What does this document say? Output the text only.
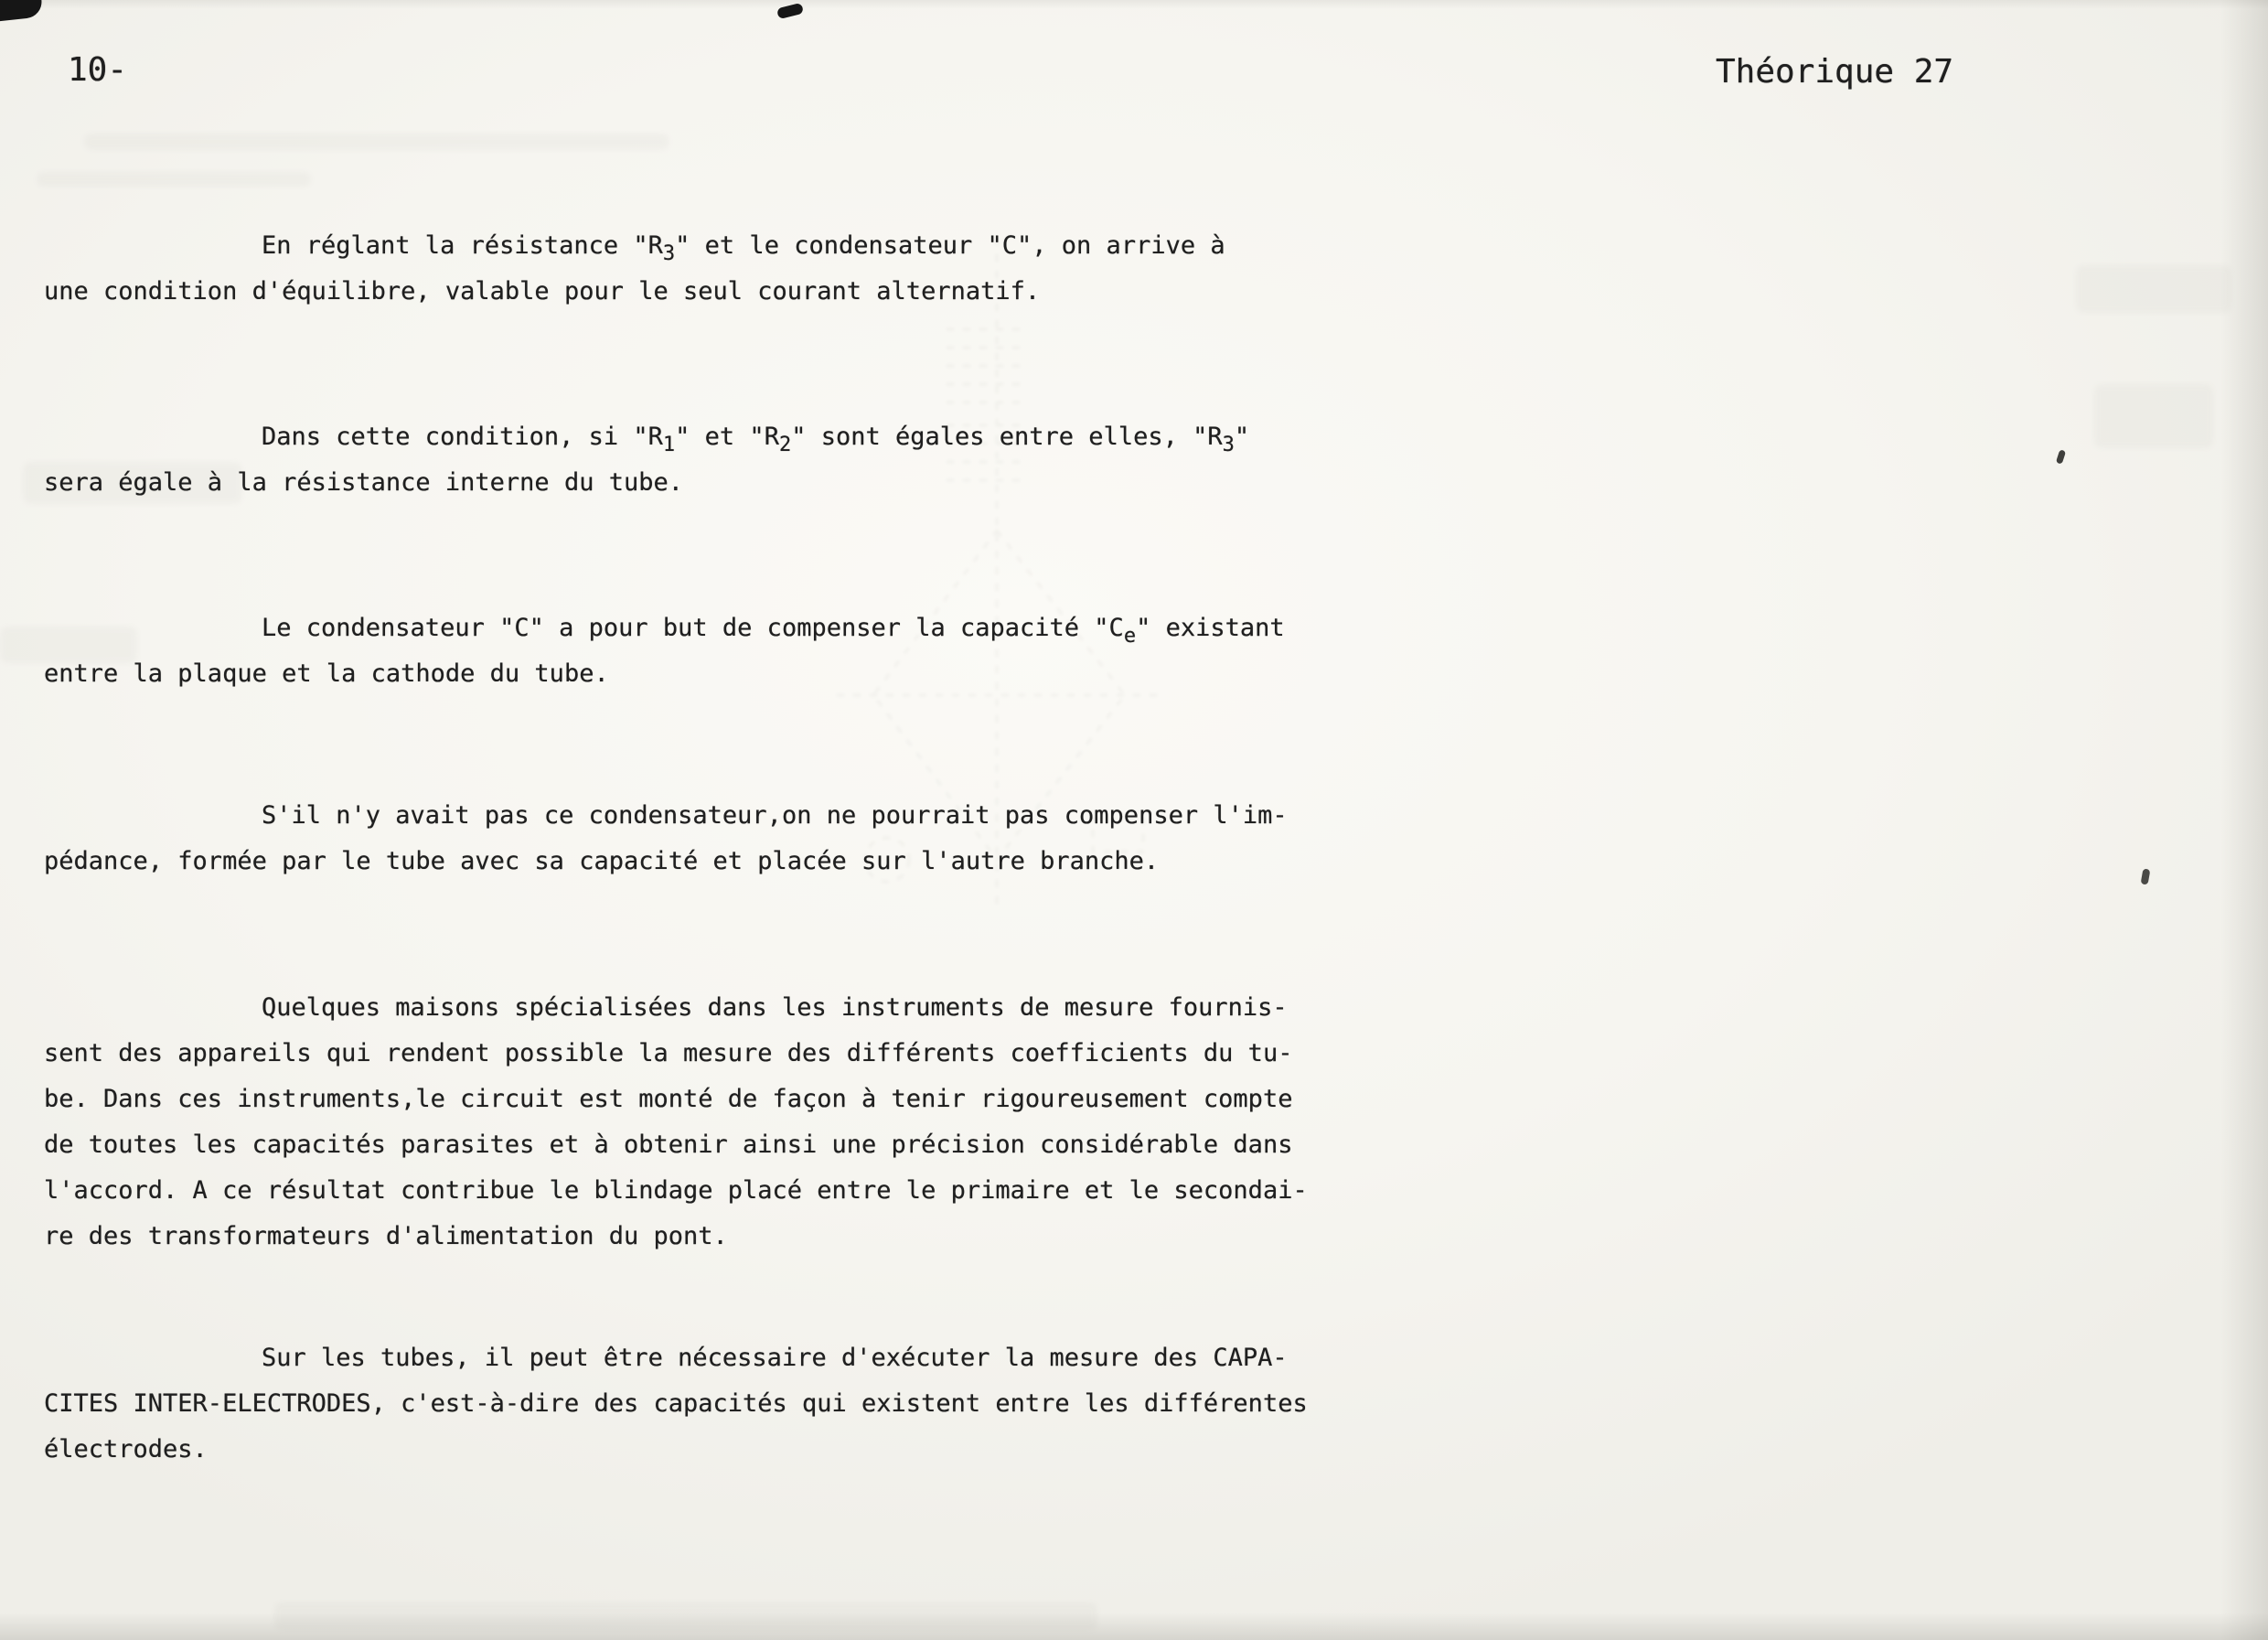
10-	Théorique 27
En réglant la résistance "$R_3$" et le condensateur "C", on arrive à
une condition d'équilibre, valable pour le seul courant alternatif.
Dans cette condition, si "$R_1$" et "$R_2$" sont égales entre elles, "$R_3$"
sera égale à la résistance interne du tube.
Le condensateur "C" a pour but de compenser la capacité "$C_e$" existant
entre la plaque et la cathode du tube.
S'il n'y avait pas ce condensateur,on ne pourrait pas compenser l'im-
pédance, formée par le tube avec sa capacité et placée sur l'autre branche.
Quelques maisons spécialisées dans les instruments de mesure fournis-
sent des appareils qui rendent possible la mesure des différents coefficients du tu-
be. Dans ces instruments,le circuit est monté de façon à tenir rigoureusement compte
de toutes les capacités parasites et à obtenir ainsi une précision considérable dans
l'accord. A ce résultat contribue le blindage placé entre le primaire et le secondai-
re des transformateurs d'alimentation du pont.
Sur les tubes, il peut être nécessaire d'exécuter la mesure des CAPA-
CITES INTER-ELECTRODES, c'est-à-dire des capacités qui existent entre les différentes
électrodes.
